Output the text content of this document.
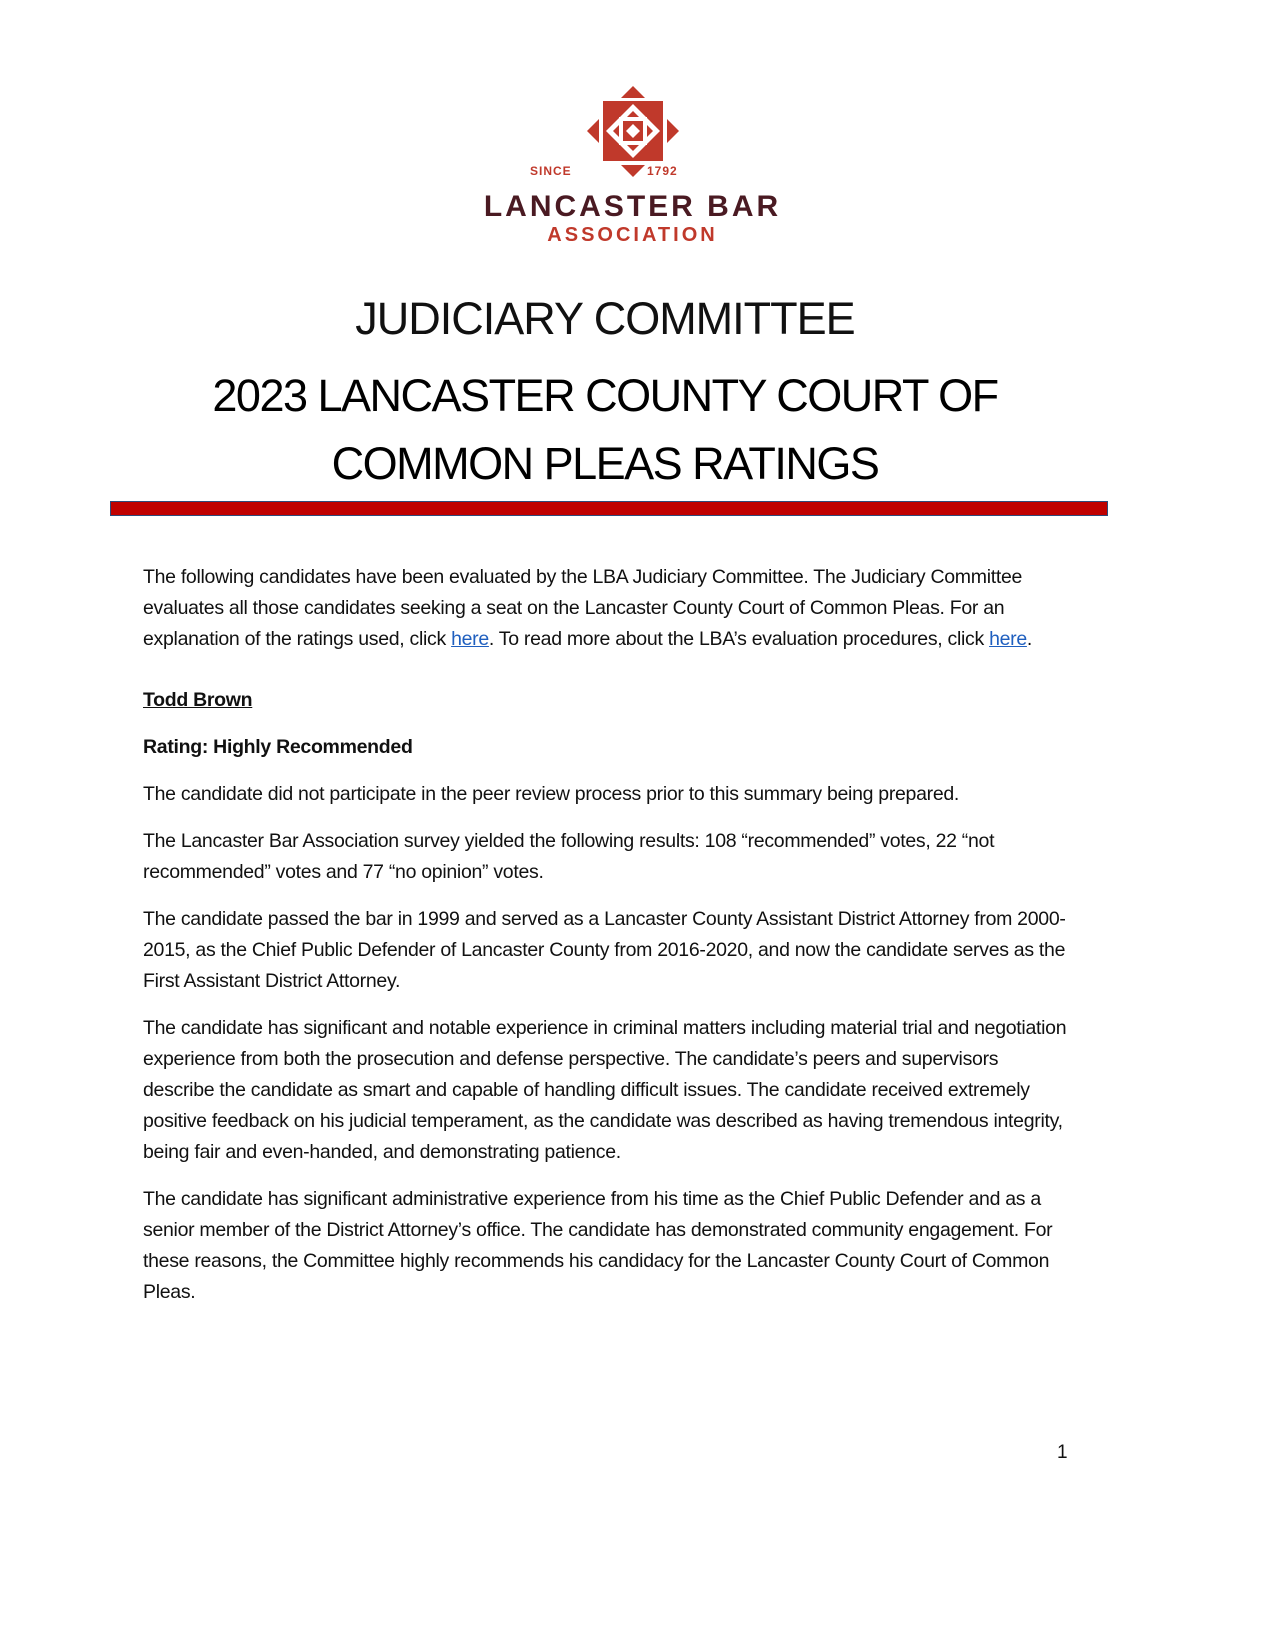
SINCE	1792
LANCASTER BAR
ASSOCIATION
JUDICIARY COMMITTEE
2023 LANCASTER COUNTY COURT OF
COMMON PLEAS RATINGS

The following candidates have been evaluated by the LBA Judiciary Committee. The Judiciary Committee evaluates all those candidates seeking a seat on the Lancaster County Court of Common Pleas. For an explanation of the ratings used, click here. To read more about the LBA’s evaluation procedures, click here.

Todd Brown

Rating: Highly Recommended

The candidate did not participate in the peer review process prior to this summary being prepared.

The Lancaster Bar Association survey yielded the following results: 108 “recommended” votes, 22 “not recommended” votes and 77 “no opinion” votes.

The candidate passed the bar in 1999 and served as a Lancaster County Assistant District Attorney from 2000-2015, as the Chief Public Defender of Lancaster County from 2016-2020, and now the candidate serves as the First Assistant District Attorney.

The candidate has significant and notable experience in criminal matters including material trial and negotiation experience from both the prosecution and defense perspective. The candidate’s peers and supervisors describe the candidate as smart and capable of handling difficult issues. The candidate received extremely positive feedback on his judicial temperament, as the candidate was described as having tremendous integrity, being fair and even-handed, and demonstrating patience.

The candidate has significant administrative experience from his time as the Chief Public Defender and as a senior member of the District Attorney’s office. The candidate has demonstrated community engagement. For these reasons, the Committee highly recommends his candidacy for the Lancaster County Court of Common Pleas.

1
